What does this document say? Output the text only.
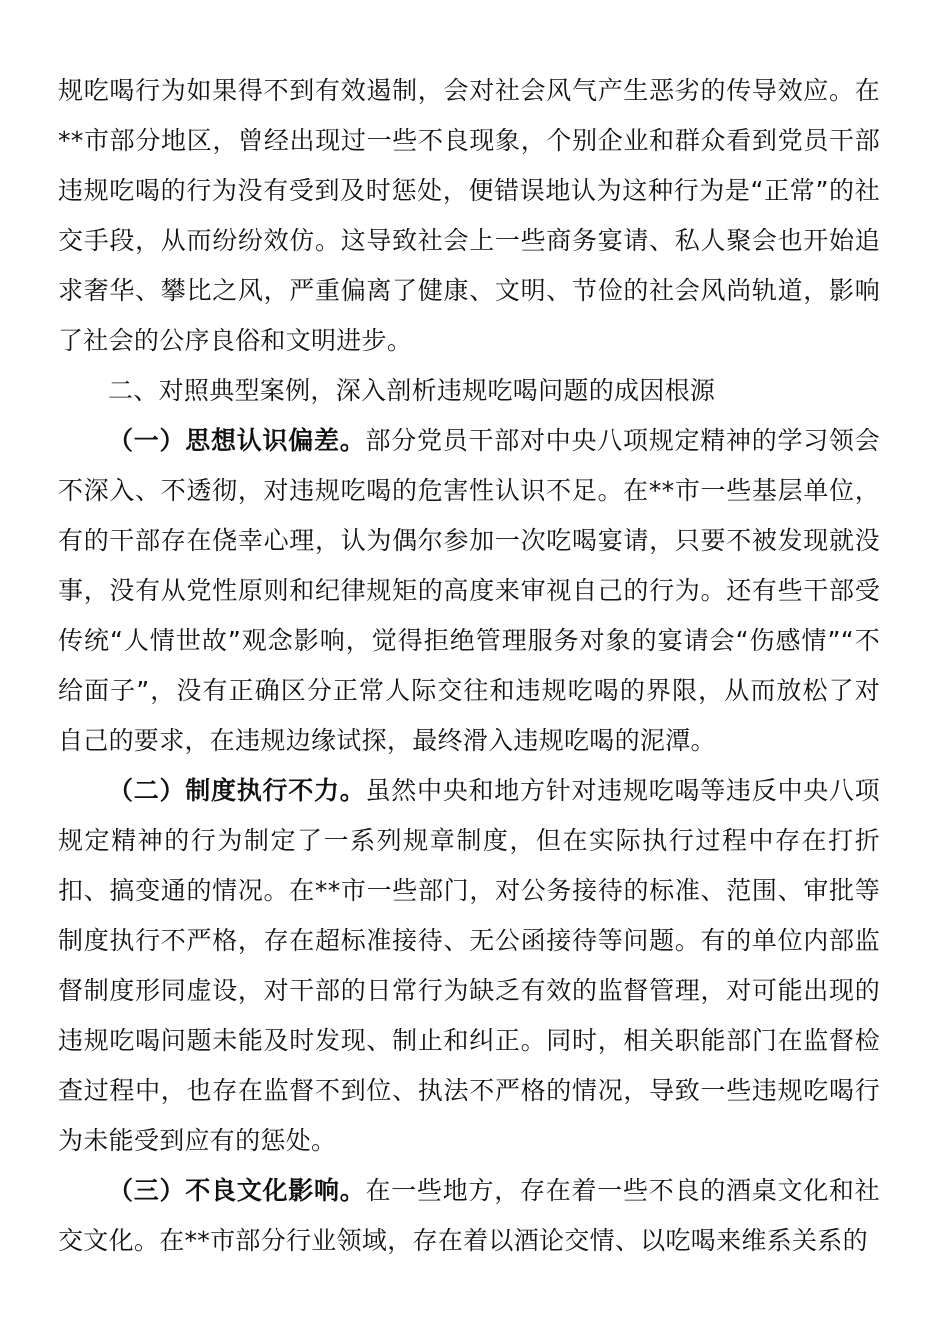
规吃喝行为如果得不到有效遏制，会对社会风气产生恶劣的传导效应。在**市部分地区，曾经出现过一些不良现象，个别企业和群众看到党员干部违规吃喝的行为没有受到及时惩处，便错误地认为这种行为是“正常”的社交手段，从而纷纷效仿。这导致社会上一些商务宴请、私人聚会也开始追求奢华、攀比之风，严重偏离了健康、文明、节俭的社会风尚轨道，影响了社会的公序良俗和文明进步。

二、对照典型案例，深入剖析违规吃喝问题的成因根源

（一）思想认识偏差。部分党员干部对中央八项规定精神的学习领会不深入、不透彻，对违规吃喝的危害性认识不足。在**市一些基层单位，有的干部存在侥幸心理，认为偶尔参加一次吃喝宴请，只要不被发现就没事，没有从党性原则和纪律规矩的高度来审视自己的行为。还有些干部受传统“人情世故”观念影响，觉得拒绝管理服务对象的宴请会“伤感情”“不给面子”，没有正确区分正常人际交往和违规吃喝的界限，从而放松了对自己的要求，在违规边缘试探，最终滑入违规吃喝的泥潭。

（二）制度执行不力。虽然中央和地方针对违规吃喝等违反中央八项规定精神的行为制定了一系列规章制度，但在实际执行过程中存在打折扣、搞变通的情况。在**市一些部门，对公务接待的标准、范围、审批等制度执行不严格，存在超标准接待、无公函接待等问题。有的单位内部监督制度形同虚设，对干部的日常行为缺乏有效的监督管理，对可能出现的违规吃喝问题未能及时发现、制止和纠正。同时，相关职能部门在监督检查过程中，也存在监督不到位、执法不严格的情况，导致一些违规吃喝行为未能受到应有的惩处。

（三）不良文化影响。在一些地方，存在着一些不良的酒桌文化和社交文化。在**市部分行业领域，存在着以酒论交情、以吃喝来维系关系的
